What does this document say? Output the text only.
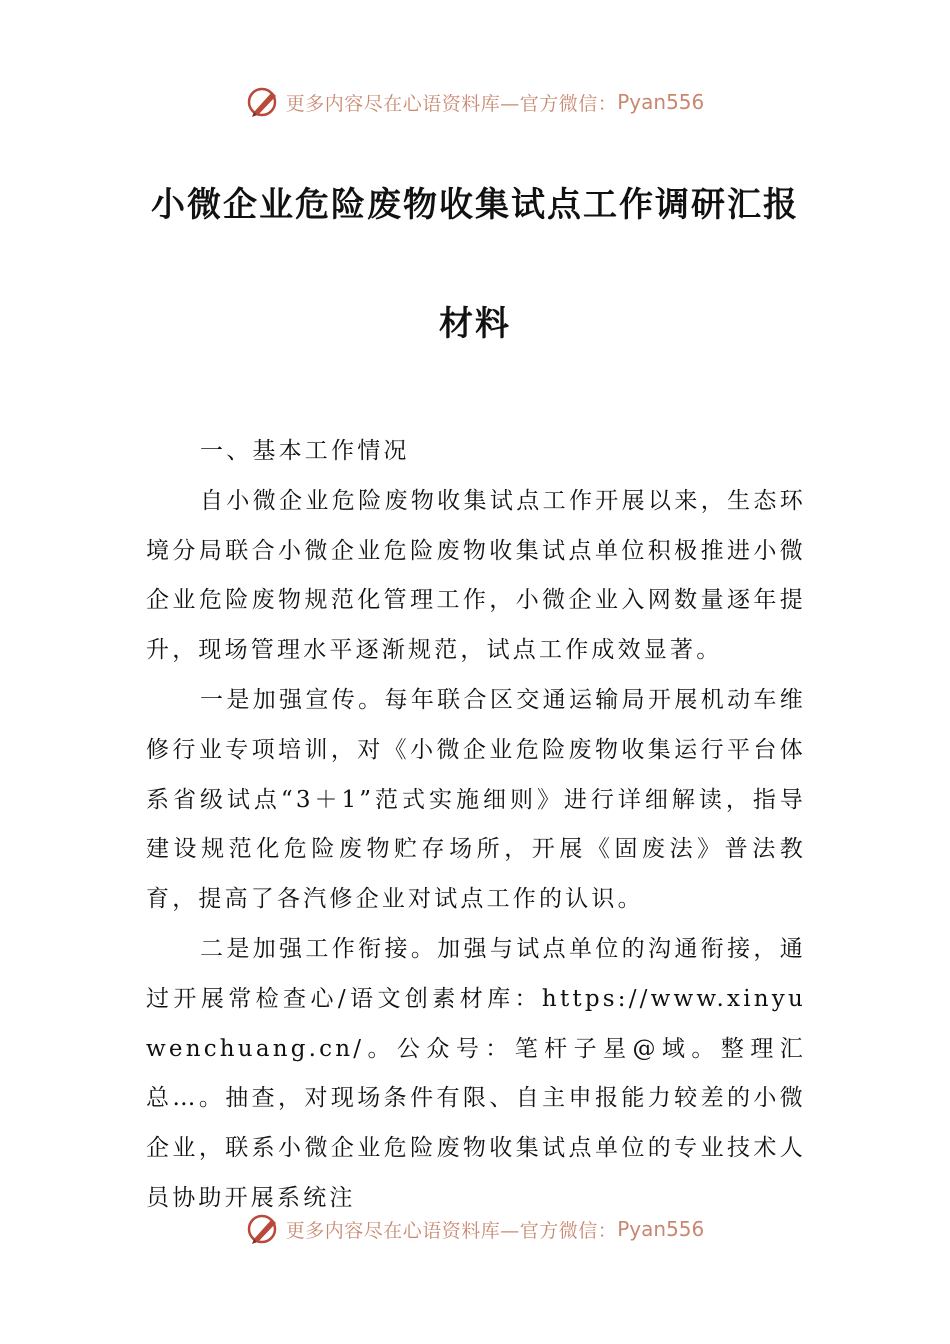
更多内容尽在心语资料库—官方微信： Pyan556
小微企业危险废物收集试点工作调研汇报
材料

一、基本工作情况

自小微企业危险废物收集试点工作开展以来，生态环境分局联合小微企业危险废物收集试点单位积极推进小微企业危险废物规范化管理工作，小微企业入网数量逐年提升，现场管理水平逐渐规范，试点工作成效显著。

一是加强宣传。每年联合区交通运输局开展机动车维修行业专项培训，对《小微企业危险废物收集运行平台体系省级试点“3＋1”范式实施细则》进行详细解读，指导建设规范化危险废物贮存场所，开展《固废法》普法教育，提高了各汽修企业对试点工作的认识。

二是加强工作衔接。加强与试点单位的沟通衔接，通过开展常检查心/语文创素材库：https://www.xinyuwenchuang.cn/。公众号：笔杆子星@域。整理汇总…。抽查，对现场条件有限、自主申报能力较差的小微企业，联系小微企业危险废物收集试点单位的专业技术人员协助开展系统注

更多内容尽在心语资料库—官方微信： Pyan556
